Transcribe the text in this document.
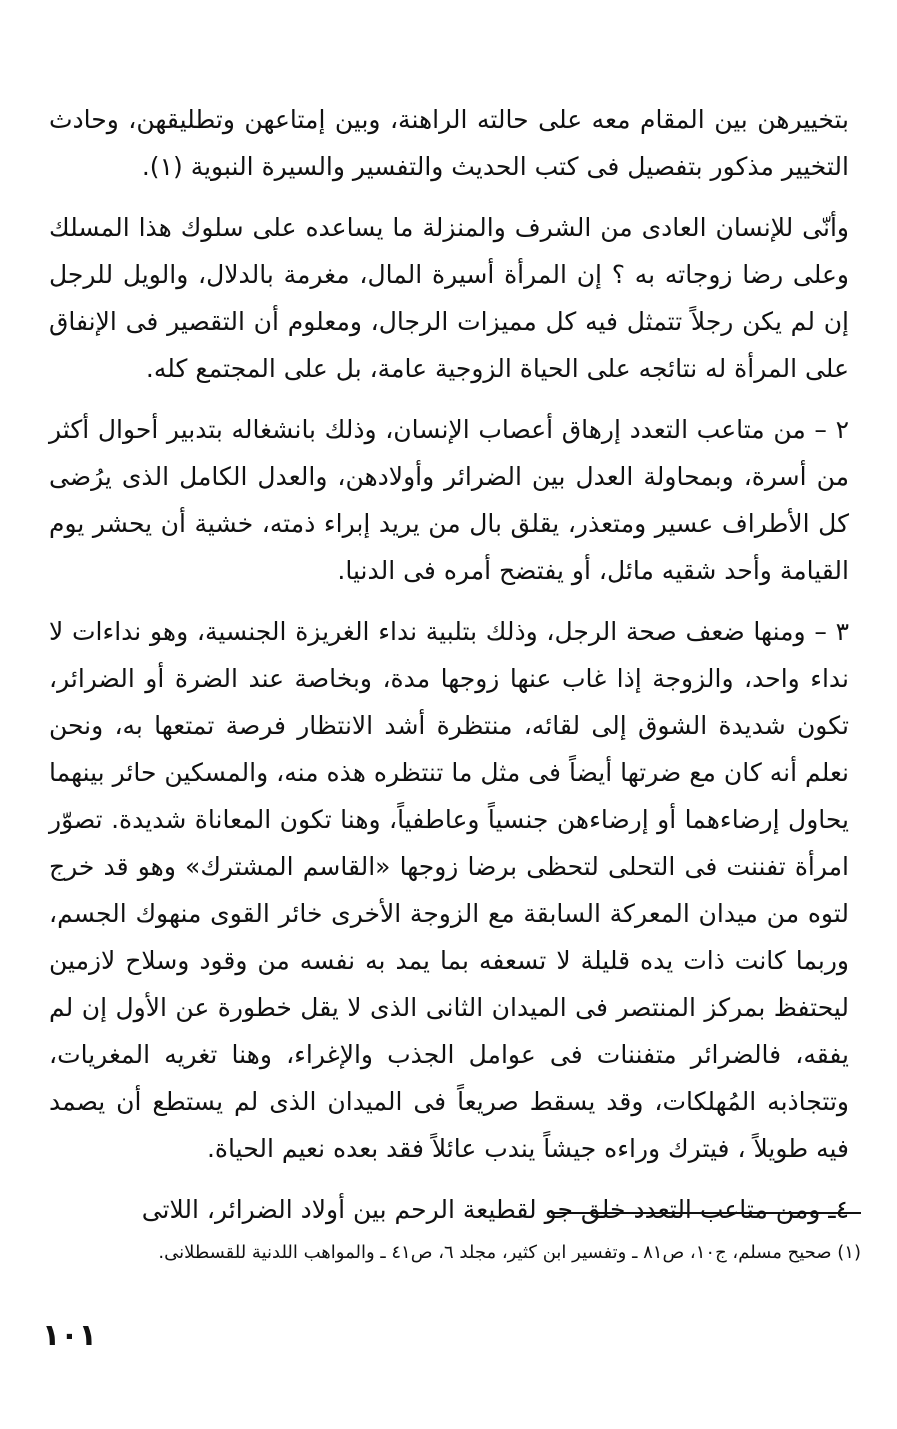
بتخييرهن بين المقام معه على حالته الراهنة، وبين إمتاعهن وتطليقهن، وحادث التخيير مذكور بتفصيل فى كتب الحديث والتفسير والسيرة النبوية (١).

وأنّى للإنسان العادى من الشرف والمنزلة ما يساعده على سلوك هذا المسلك وعلى رضا زوجاته به ؟ إن المرأة أسيرة المال، مغرمة بالدلال، والويل للرجل إن لم يكن رجلاً تتمثل فيه كل مميزات الرجال، ومعلوم أن التقصير فى الإنفاق على المرأة له نتائجه على الحياة الزوجية عامة، بل على المجتمع كله.

٢ – من متاعب التعدد إرهاق أعصاب الإنسان، وذلك بانشغاله بتدبير أحوال أكثر من أسرة، وبمحاولة العدل بين الضرائر وأولادهن، والعدل الكامل الذى يرُضى كل الأطراف عسير ومتعذر، يقلق بال من يريد إبراء ذمته، خشية أن يحشر يوم القيامة وأحد شقيه مائل، أو يفتضح أمره فى الدنيا.

٣ – ومنها ضعف صحة الرجل، وذلك بتلبية نداء الغريزة الجنسية، وهو نداءات لا نداء واحد، والزوجة إذا غاب عنها زوجها مدة، وبخاصة عند الضرة أو الضرائر، تكون شديدة الشوق إلى لقائه، منتظرة أشد الانتظار فرصة تمتعها به، ونحن نعلم أنه كان مع ضرتها أيضاً فى مثل ما تنتظره هذه منه، والمسكين حائر بينهما يحاول إرضاءهما أو إرضاءهن جنسياً وعاطفياً، وهنا تكون المعاناة شديدة. تصوّر امرأة تفننت فى التحلى لتحظى برضا زوجها «القاسم المشترك» وهو قد خرج لتوه من ميدان المعركة السابقة مع الزوجة الأخرى خائر القوى منهوك الجسم، وربما كانت ذات يده قليلة لا تسعفه بما يمد به نفسه من وقود وسلاح لازمين ليحتفظ بمركز المنتصر فى الميدان الثانى الذى لا يقل خطورة عن الأول إن لم يفقه، فالضرائر متفننات فى عوامل الجذب والإغراء، وهنا تغريه المغريات، وتتجاذبه المُهلكات، وقد يسقط صريعاً فى الميدان الذى لم يستطع أن يصمد فيه طويلاً ، فيترك وراءه جيشاً يندب عائلاً فقد بعده نعيم الحياة.

٤ـ ومن متاعب التعدد خلق جو لقطيعة الرحم بين أولاد الضرائر، اللاتى

(١) صحيح مسلم، ج١٠، ص٨١ ـ وتفسير ابن كثير، مجلد ٦، ص٤١ ـ والمواهب اللدنية للقسطلانى.

١٠١
